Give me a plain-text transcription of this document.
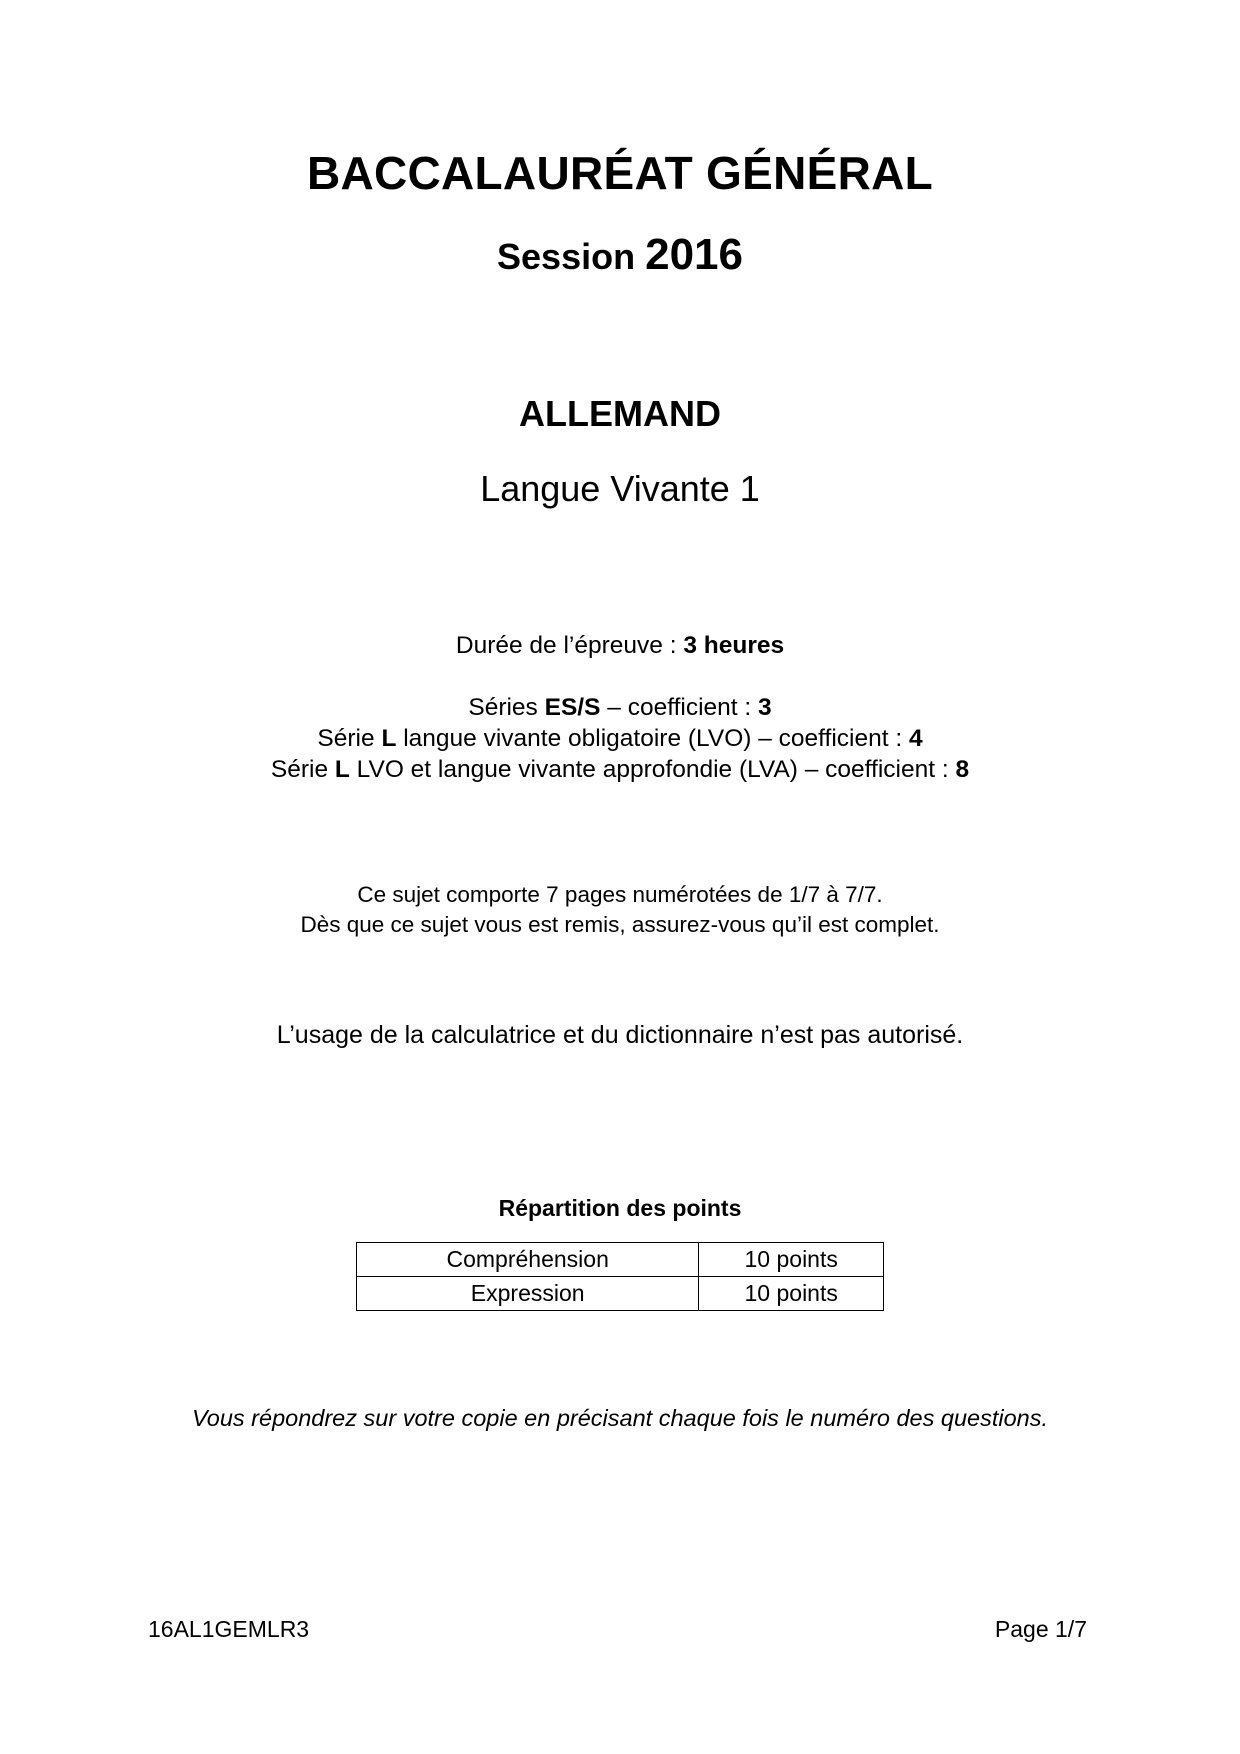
BACCALAURÉAT GÉNÉRAL
Session 2016
ALLEMAND
Langue Vivante 1
Durée de l’épreuve : 3 heures
Séries ES/S – coefficient : 3
Série L langue vivante obligatoire (LVO) – coefficient : 4
Série L LVO et langue vivante approfondie (LVA) – coefficient : 8
Ce sujet comporte 7 pages numérotées de 1/7 à 7/7.
Dès que ce sujet vous est remis, assurez-vous qu’il est complet.
L’usage de la calculatrice et du dictionnaire n’est pas autorisé.
Répartition des points
Compréhension	10 points
Expression	10 points
Vous répondrez sur votre copie en précisant chaque fois le numéro des questions.
16AL1GEMLR3	Page 1/7
